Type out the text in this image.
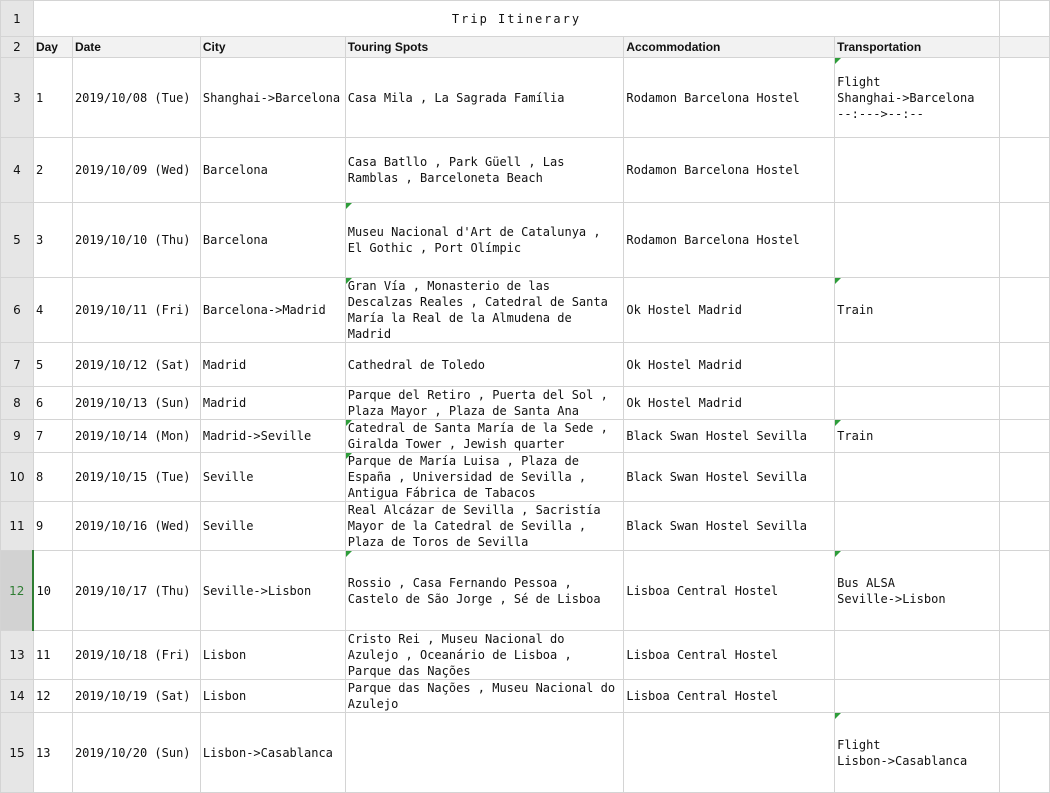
1	Trip Itinerary						
2	Day	Date	City	Touring Spots	Accommodation	Transportation	
3	1	2019/10/08 (Tue)	Shanghai->Barcelona	Casa Mila , La Sagrada Família	Rodamon Barcelona Hostel	Flight
Shanghai->Barcelona
--:--->--:--	

4	2	2019/10/09 (Wed)	Barcelona	Casa Batllo , Park Güell , Las Ramblas , Barceloneta Beach	Rodamon Barcelona Hostel		
5	3	2019/10/10 (Thu)	Barcelona	Museu Nacional d'Art de Catalunya , El Gothic , Port Olímpic	Rodamon Barcelona Hostel		
6	4	2019/10/11 (Fri)	Barcelona->Madrid	Gran Vía , Monasterio de las Descalzas Reales , Catedral de Santa María la Real de la Almudena de Madrid	Ok Hostel Madrid	Train	

7	5	2019/10/12 (Sat)	Madrid	Cathedral de Toledo	Ok Hostel Madrid		
8	6	2019/10/13 (Sun)	Madrid	Parque del Retiro , Puerta del Sol , Plaza Mayor , Plaza de Santa Ana	Ok Hostel Madrid		
9	7	2019/10/14 (Mon)	Madrid->Seville	Catedral de Santa María de la Sede , Giralda Tower , Jewish quarter	Black Swan Hostel Sevilla	Train	

10	8	2019/10/15 (Tue)	Seville	Parque de María Luisa , Plaza de España , Universidad de Sevilla , Antigua Fábrica de Tabacos	Black Swan Hostel Sevilla		
11	9	2019/10/16 (Wed)	Seville	Real Alcázar de Sevilla , Sacristía Mayor de la Catedral de Sevilla , Plaza de Toros de Sevilla	Black Swan Hostel Sevilla		
12	10	2019/10/17 (Thu)	Seville->Lisbon	Rossio , Casa Fernando Pessoa , Castelo de São Jorge , Sé de Lisboa	Lisboa Central Hostel	Bus ALSA
Seville->Lisbon	

13	11	2019/10/18 (Fri)	Lisbon	Cristo Rei , Museu Nacional do Azulejo , Oceanário de Lisboa , Parque das Nações	Lisboa Central Hostel		
14	12	2019/10/19 (Sat)	Lisbon	Parque das Nações , Museu Nacional do Azulejo	Lisboa Central Hostel		
15	13	2019/10/20 (Sun)	Lisbon->Casablanca			Flight
Lisbon->Casablanca	
